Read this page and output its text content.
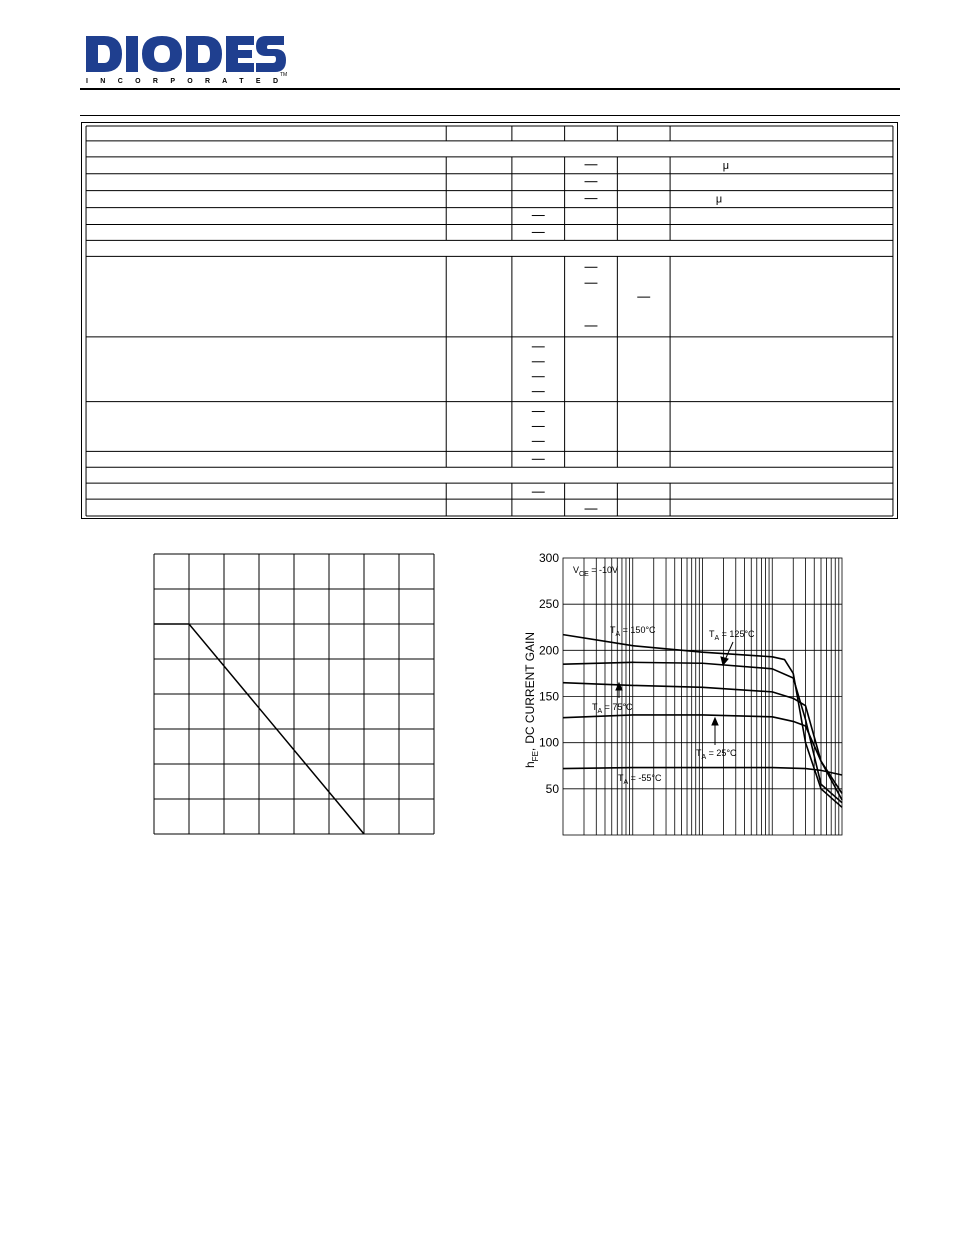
I N C O R P O R A T E D
TM
μ
μ
50
100
150
200
250
300
$h_{FE},DC$ CURRENT GAIN
$V_{CE} = -10V$
$T_A = 150^\circ C$	$T_A = 125^\circ C$
$T_A = 75^\circ C$
$T_A = 25^\circ C$
$T_A = -55^\circ C$
